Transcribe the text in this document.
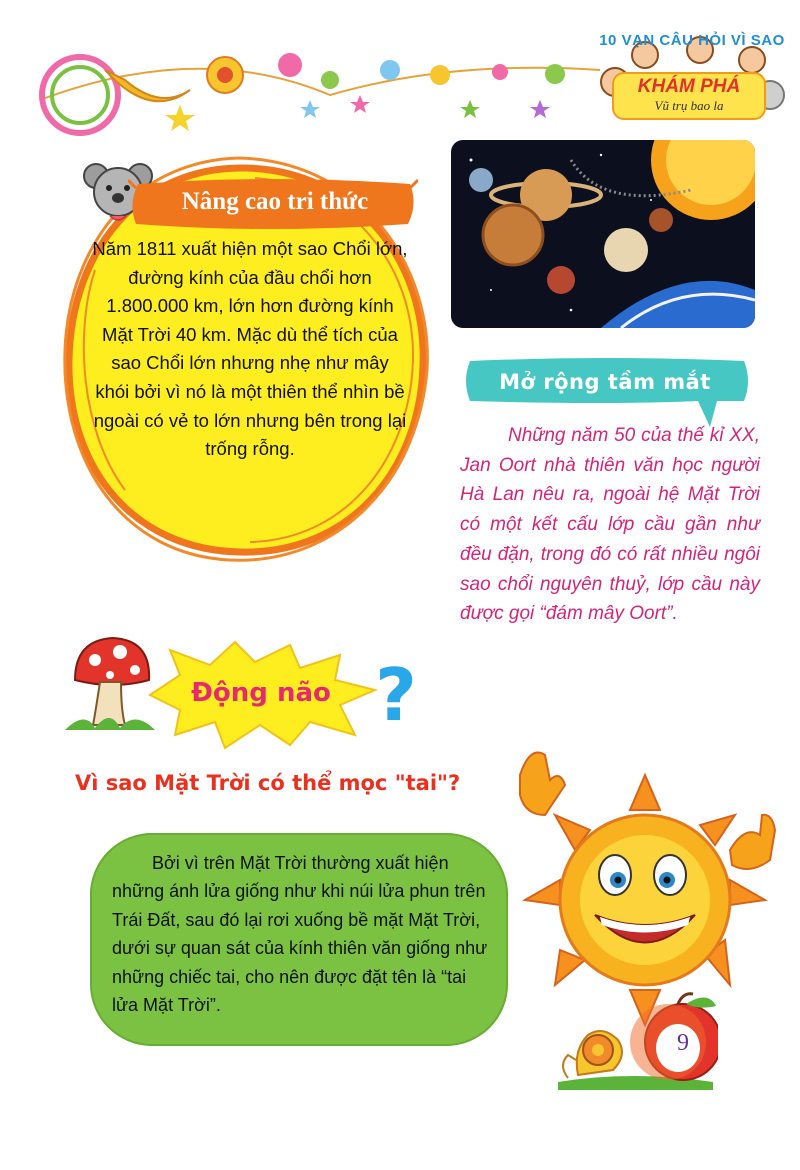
10 VẠN CÂU HỎI VÌ SAO
KHÁM PHÁ
Vũ trụ bao la
Nâng cao tri thức
Năm 1811 xuất hiện một sao Chổi lớn, đường kính của đầu chổi hơn 1.800.000 km, lớn hơn đường kính Mặt Trời 40 km. Mặc dù thể tích của sao Chổi lớn nhưng nhẹ như mây khói bởi vì nó là một thiên thể nhìn bề ngoài có vẻ to lớn nhưng bên trong lại trống rỗng.
Mở rộng tầm mắt

Những năm 50 của thế kỉ XX, Jan Oort nhà thiên văn học người Hà Lan nêu ra, ngoài hệ Mặt Trời có một kết cấu lớp cầu gần như đều đặn, trong đó có rất nhiều ngôi sao chổi nguyên thuỷ, lớp cầu này được gọi “đám mây Oort”.

Động não ?
Vì sao Mặt Trời có thể mọc "tai"?

Bởi vì trên Mặt Trời thường xuất hiện những ánh lửa giống như khi núi lửa phun trên Trái Đất, sau đó lại rơi xuống bề mặt Mặt Trời, dưới sự quan sát của kính thiên văn giống như những chiếc tai, cho nên được đặt tên là “tai lửa Mặt Trời”.

9
